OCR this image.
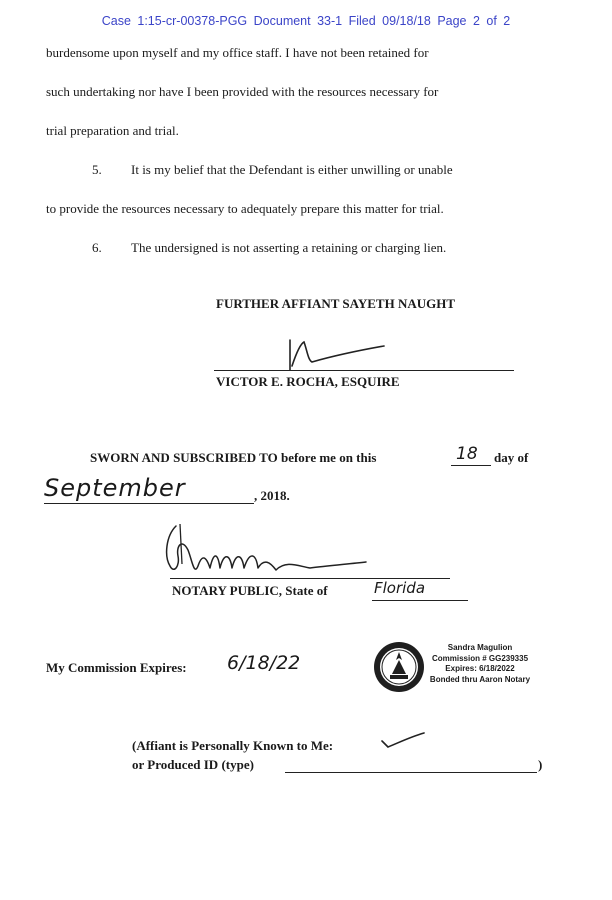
Case 1:15-cr-00378-PGG Document 33-1 Filed 09/18/18 Page 2 of 2
burdensome upon myself and my office staff. I have not been retained for
such undertaking nor have I been provided with the resources necessary for
trial preparation and trial.
5. It is my belief that the Defendant is either unwilling or unable
to provide the resources necessary to adequately prepare this matter for trial.
6. The undersigned is not asserting a retaining or charging lien.
FURTHER AFFIANT SAYETH NAUGHT
VICTOR E. ROCHA, ESQUIRE
SWORN AND SUBSCRIBED TO before me on this	18 day of
September	, 2018.
NOTARY PUBLIC, State of	Florida
My Commission Expires: 6/18/22
Sandra Magulion
Commission # GG239335
Expires: 6/18/2022
Bonded thru Aaron Notary
(Affiant is Personally Known to Me:
or Produced ID (type)	)
